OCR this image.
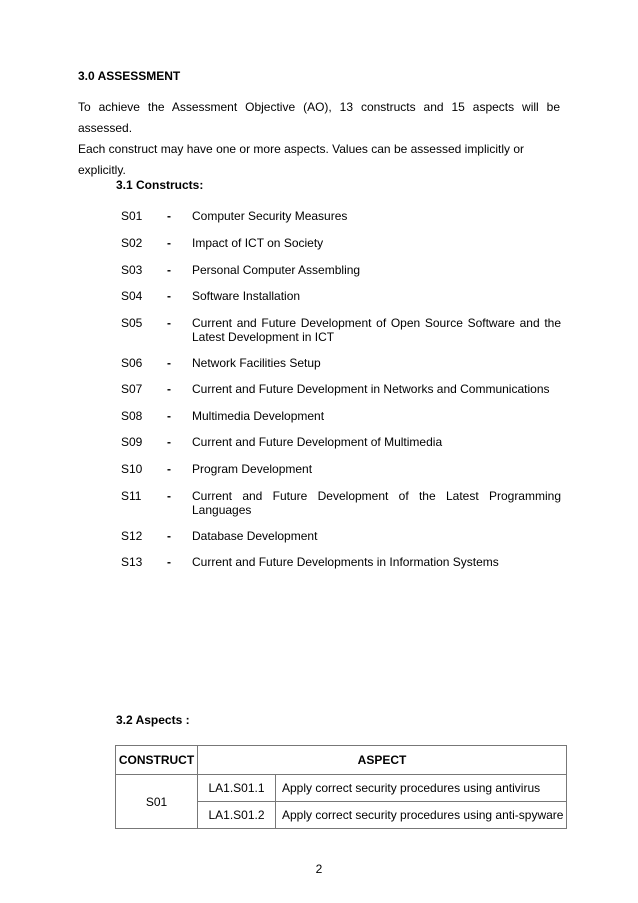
3.0 ASSESSMENT
To achieve the Assessment Objective (AO), 13 constructs and 15 aspects will be assessed.
Each construct may have one or more aspects. Values can be assessed implicitly or
explicitly.
3.1 Constructs:
S01 - Computer Security Measures
S02 - Impact of ICT on Society
S03 - Personal Computer Assembling
S04 - Software Installation
S05 - Current and Future Development of Open Source Software and the Latest Development in ICT
S06 - Network Facilities Setup
S07 - Current and Future Development in Networks and Communications
S08 - Multimedia Development
S09 - Current and Future Development of Multimedia
S10 - Program Development
S11 - Current and Future Development of the Latest Programming Languages
S12 - Database Development
S13 - Current and Future Developments in Information Systems
3.2 Aspects :
CONSTRUCT	ASPECT	
S01	LA1.S01.1	Apply correct security procedures using antivirus
	LA1.S01.2	Apply correct security procedures using anti-spyware
2
